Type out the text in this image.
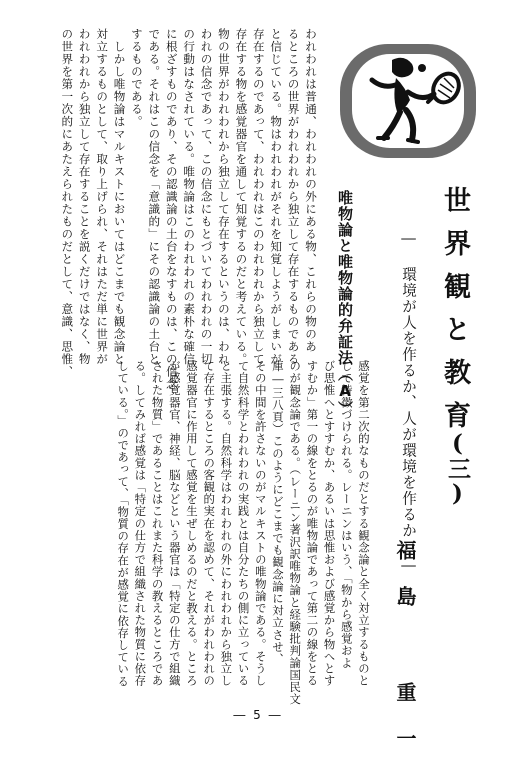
われわれは普通、われわれの外にある物、これらの物のあ
るところの世界がわれわれから独立して存在するものである
と信じている。物はわれわれがそれを知覚しようがしまいが
存在するのであって、われわれはこのわれわれから独立して
存在する物を感覚器官を通して知覚するのだと考えている。
物の世界がわれわれから独立して存在するというのは、われ
われの信念であって、この信念にもとづいてわれわれの一切
の行動はなされている。唯物論はこのわれわれの素朴な確信
に根ざすものであり、その認識論の土台をなすものは、この信念
である。それはこの信念を「意識的」にその認識論の土台と
するものである。
　しかし唯物論はマルキストにおいてはどこまでも観念論と
対立するものとして、取り上げられ、それはただ単に世界が
われわれから独立して存在することを説くだけではなく、物
の世界を第一次的にあたえられたものだとして、意識、思惟、	世界観と教育
(三)
― 環境が人を作るか、人が環境を作るか ―
福島 重一
唯物論と唯物論的弁証法（A）
感覚を第二次的なものだとする観念論と全く対立するものと
して特徴づけられる。レーニンはいう、「物から感覚およ
び思惟へとすすむか、あるいは思惟および感覚から物へとす
すむか」第一の線をとるのが唯物論であって第二の線をとる
のが観念論である。（レーニン著沢訳唯物論と経験批判論国民文
庫―三八頁）このようにどこまでも観念論に対立させ、
その中間を許さないのがマルキストの唯物論である。そうし
て自然科学とわれわれの実践とは自分たちの側に立っている
と主張する。自然科学はわれわれの外にわれわれから独立し
て存在するところの客観的実在を認めて、それがわれわれの
感覚器官に作用して感覚を生ぜしめるのだと教える。ところ
が感覚器官、神経、脳などという器官は「特定の仕方で組織
された物質」であることはこれまた科学の教えるところであ
る。してみれば感覚は「特定の仕方で組織された物質に依存
している。」のであって、「物質の存在が感覚に依存している
― 5 ―
